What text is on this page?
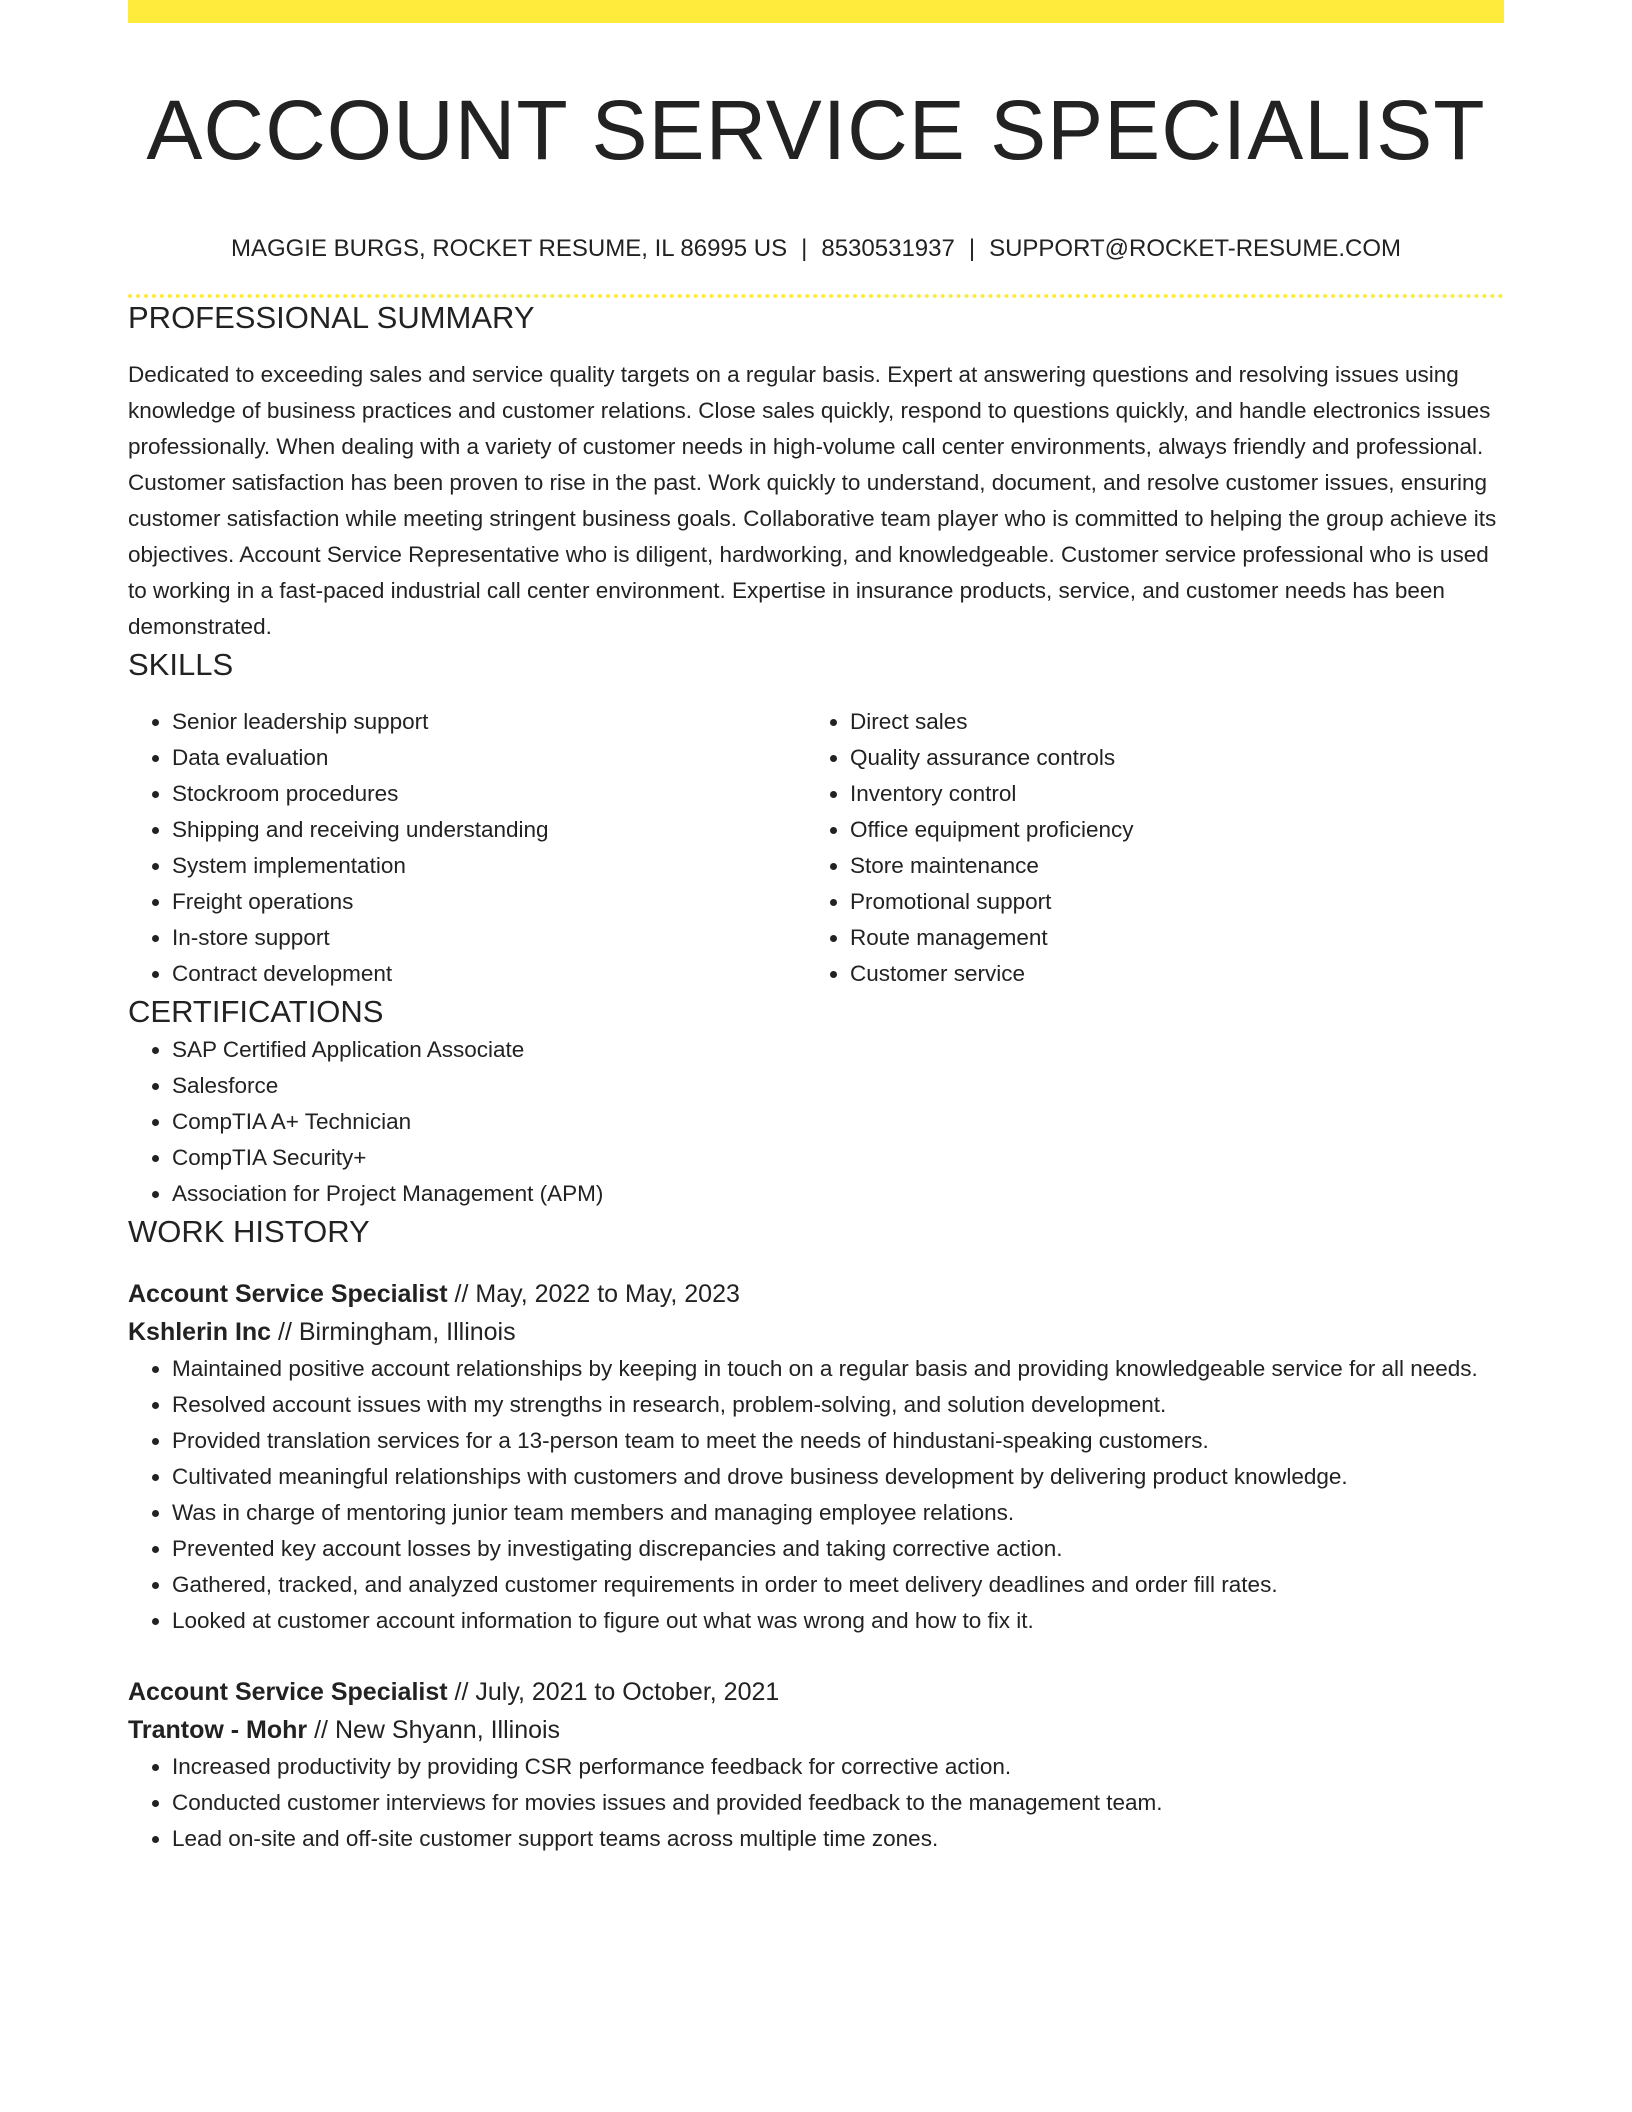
ACCOUNT SERVICE SPECIALIST
MAGGIE BURGS, ROCKET RESUME, IL 86995 US | 8530531937 | SUPPORT@ROCKET-RESUME.COM
PROFESSIONAL SUMMARY

Dedicated to exceeding sales and service quality targets on a regular basis. Expert at answering questions and resolving issues using knowledge of business practices and customer relations. Close sales quickly, respond to questions quickly, and handle electronics issues professionally. When dealing with a variety of customer needs in high-volume call center environments, always friendly and professional. Customer satisfaction has been proven to rise in the past. Work quickly to understand, document, and resolve customer issues, ensuring customer satisfaction while meeting stringent business goals. Collaborative team player who is committed to helping the group achieve its objectives. Account Service Representative who is diligent, hardworking, and knowledgeable. Customer service professional who is used to working in a fast-paced industrial call center environment. Expertise in insurance products, service, and customer needs has been demonstrated.

SKILLS
• Senior leadership support
• Data evaluation
• Stockroom procedures
• Shipping and receiving understanding
• System implementation
• Freight operations
• In-store support
• Contract development
• Direct sales
• Quality assurance controls
• Inventory control
• Office equipment proficiency
• Store maintenance
• Promotional support
• Route management
• Customer service
CERTIFICATIONS
• SAP Certified Application Associate
• Salesforce
• CompTIA A+ Technician
• CompTIA Security+
• Association for Project Management (APM)
WORK HISTORY
Account Service Specialist // May, 2022 to May, 2023
Kshlerin Inc // Birmingham, Illinois
• Maintained positive account relationships by keeping in touch on a regular basis and providing knowledgeable service for all needs.
• Resolved account issues with my strengths in research, problem-solving, and solution development.
• Provided translation services for a 13-person team to meet the needs of hindustani-speaking customers.
• Cultivated meaningful relationships with customers and drove business development by delivering product knowledge.
• Was in charge of mentoring junior team members and managing employee relations.
• Prevented key account losses by investigating discrepancies and taking corrective action.
• Gathered, tracked, and analyzed customer requirements in order to meet delivery deadlines and order fill rates.
• Looked at customer account information to figure out what was wrong and how to fix it.
Account Service Specialist // July, 2021 to October, 2021
Trantow - Mohr // New Shyann, Illinois
• Increased productivity by providing CSR performance feedback for corrective action.
• Conducted customer interviews for movies issues and provided feedback to the management team.
• Lead on-site and off-site customer support teams across multiple time zones.
